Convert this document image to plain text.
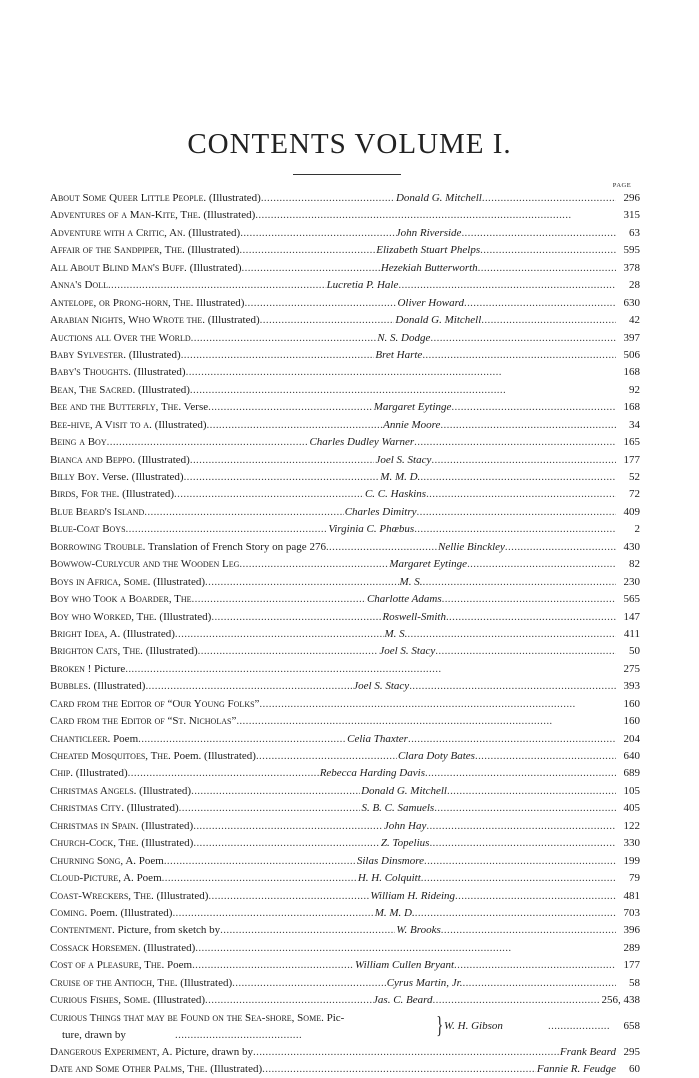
CONTENTS VOLUME I.
PAGE
About Some Queer Little People. (Illustrated) . . .	Donald G. Mitchell . . .	296
Adventures of a Man-Kite, The. (Illustrated) . . .	315
Adventure with a Critic, An. (Illustrated) . . .	John Riverside . . .	63
Affair of the Sandpiper, The. (Illustrated) . . .	Elizabeth Stuart Phelps . . .	595
All About Blind Man's Buff. (Illustrated) . . .	Hezekiah Butterworth . . .	378
Anna's Doll . . .	Lucretia P. Hale . . .	28
Antelope, or Prong-horn, The. Illustrated) . . .	Oliver Howard . . .	630
Arabian Nights, Who Wrote the. (Illustrated) . . .	Donald G. Mitchell . . .	42
Auctions all Over the World . . .	N. S. Dodge . . .	397
Baby Sylvester. (Illustrated) . . .	Bret Harte . . .	506
Baby's Thoughts. (Illustrated) . . .	168
Bean, The Sacred. (Illustrated) . . .	92
Bee and the Butterfly, The. Verse . . .	Margaret Eytinge . . .	168
Bee-hive, A Visit to a. (Illustrated) . . .	Annie Moore . . .	34
Being a Boy . . .	Charles Dudley Warner . . .	165
Bianca and Beppo. (Illustrated) . . .	Joel S. Stacy . . .	177
Billy Boy. Verse. (Illustrated) . . .	M. M. D. . . .	52
Birds, For the. (Illustrated) . . .	C. C. Haskins . . .	72
Blue Beard's Island . . .	Charles Dimitry . . .	409
Blue-Coat Boys . . .	Virginia C. Phœbus . . .	2
Borrowing Trouble. Translation of French Story on page 276 . . .	Nellie Binckley . . .	430
Bowwow-Curlycur and the Wooden Leg . . .	Margaret Eytinge . . .	82
Boys in Africa, Some. (Illustrated) . . .	M. S. . . .	230
Boy who Took a Boarder, The . . .	Charlotte Adams . . .	565
Boy who Worked, The. (Illustrated) . . .	Roswell-Smith . . .	147
Bright Idea, A. (Illustrated) . . .	M. S. . . .	411
Brighton Cats, The. (Illustrated) . . .	Joel S. Stacy . . .	50
Broken ! Picture . . .	275
Bubbles. (Illustrated) . . .	Joel S. Stacy . . .	393
Card from the Editor of “Our Young Folks” . . .	160
Card from the Editor of “St. Nicholas” . . .	160
Chanticleer. Poem . . .	Celia Thaxter . . .	204
Cheated Mosquitoes, The. Poem. (Illustrated) . . .	Clara Doty Bates . . .	640
Chip. (Illustrated) . . .	Rebecca Harding Davis . . .	689
Christmas Angels. (Illustrated) . . .	Donald G. Mitchell . . .	105
Christmas City. (Illustrated) . . .	S. B. C. Samuels . . .	405
Christmas in Spain. (Illustrated) . . .	John Hay . . .	122
Church-Cock, The. (Illustrated) . . .	Z. Topelius . . .	330
Churning Song, A. Poem . . .	Silas Dinsmore . . .	199
Cloud-Picture, A. Poem . . .	H. H. Colquitt . . .	79
Coast-Wreckers, The. (Illustrated) . . .	William H. Rideing . . .	481
Coming. Poem. (Illustrated) . . .	M. M. D. . . .	703
Contentment. Picture, from sketch by . . .	W. Brooks . . .	396
Cossack Horsemen. (Illustrated) . . .	289
Cost of a Pleasure, The. Poem . . .	William Cullen Bryant . . .	177
Cruise of the Antioch, The. (Illustrated) . . .	Cyrus Martin, Jr. . . .	58
Curious Fishes, Some. (Illustrated) . . .	Jas. C. Beard . . .	256, 438
Curious Things that may be Found on the Sea-shore, Some. Pic-
ture, drawn by . . .	} W. H. Gibson . . .	658
Dangerous Experiment, A. Picture, drawn by . . .	Frank Beard 295
Date and Some Other Palms, The. (Illustrated) . . .	Fannie R. Feudge	60
